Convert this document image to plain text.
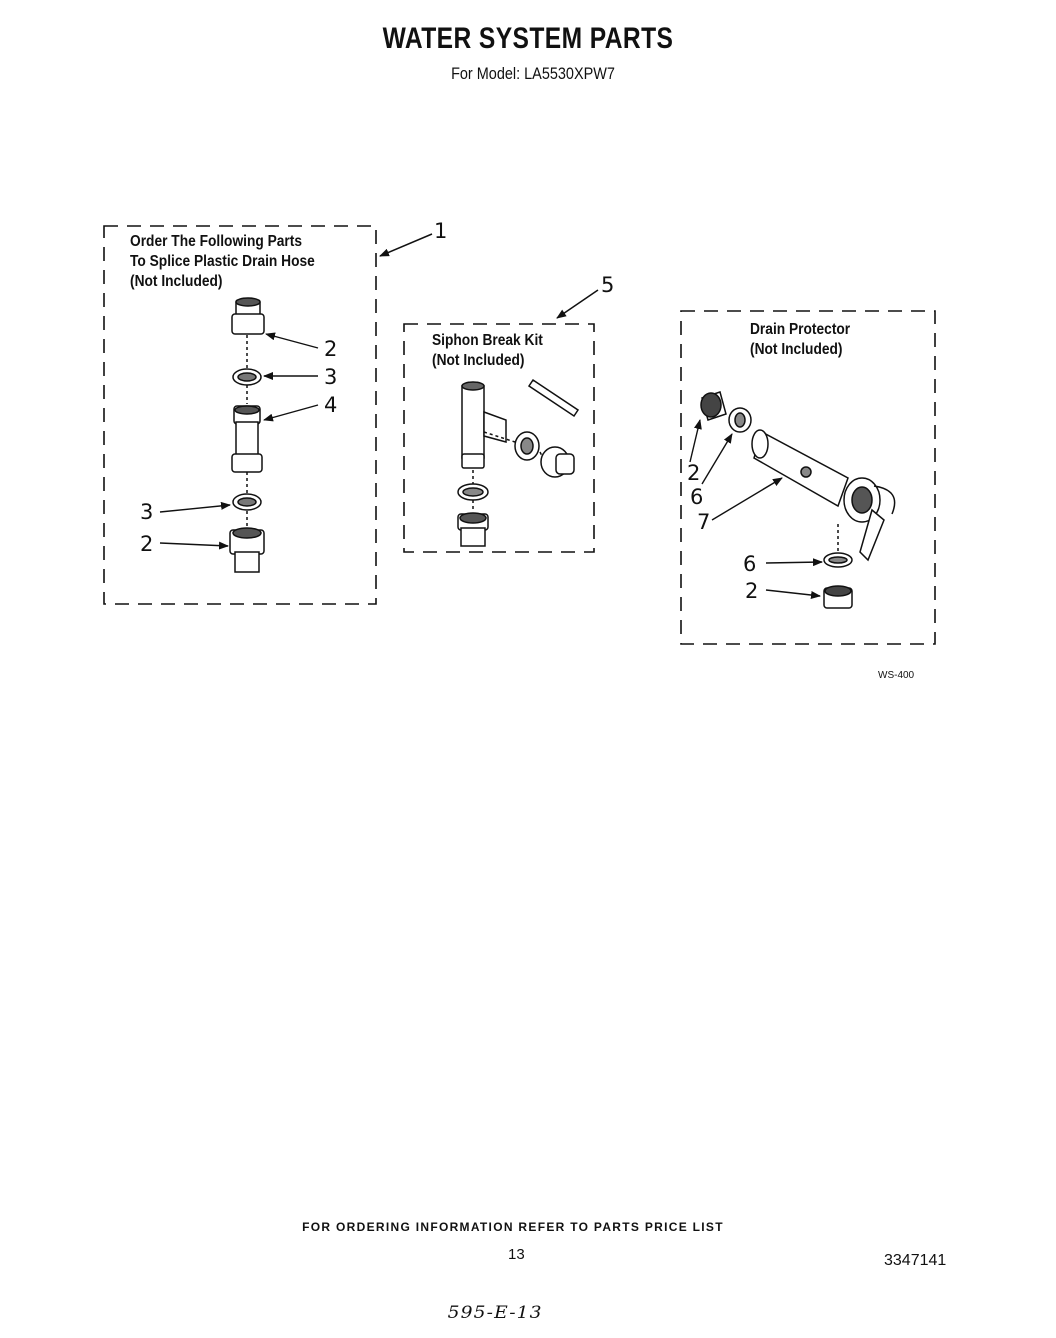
WATER SYSTEM PARTS
For Model: LA5530XPW7
Order The Following Parts
To Splice Plastic Drain Hose
(Not Included)
Siphon Break Kit
(Not Included)
Drain Protector
(Not Included)
1
5
2
3
4
3
2
2
6
7
6
2
WS-400
FOR ORDERING INFORMATION REFER TO PARTS PRICE LIST
13	3347141
595-E-13
